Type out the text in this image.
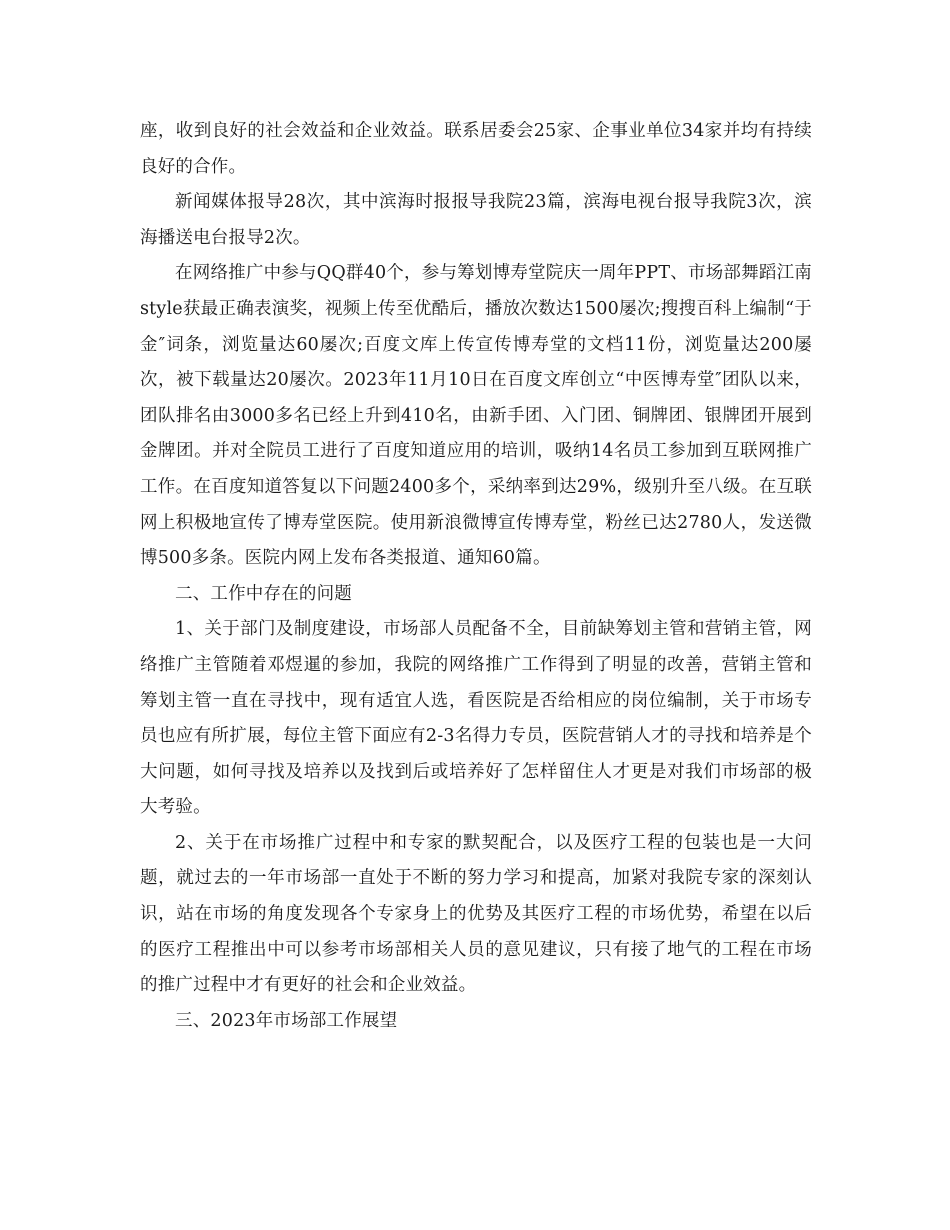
座，收到良好的社会效益和企业效益。联系居委会25家、企事业单位34家并均有持续良好的合作。

新闻媒体报导28次，其中滨海时报报导我院23篇，滨海电视台报导我院3次，滨海播送电台报导2次。

在网络推广中参与QQ群40个，参与筹划博寿堂院庆一周年PPT、市场部舞蹈江南style获最正确表演奖，视频上传至优酷后，播放次数达1500屡次;搜搜百科上编制“于金″词条，浏览量达60屡次;百度文库上传宣传博寿堂的文档11份，浏览量达200屡次，被下载量达20屡次。2023年11月10日在百度文库创立“中医博寿堂″团队以来，团队排名由3000多名已经上升到410名，由新手团、入门团、铜牌团、银牌团开展到金牌团。并对全院员工进行了百度知道应用的培训，吸纳14名员工参加到互联网推广工作。在百度知道答复以下问题2400多个，采纳率到达29%，级别升至八级。在互联网上积极地宣传了博寿堂医院。使用新浪微博宣传博寿堂，粉丝已达2780人，发送微博500多条。医院内网上发布各类报道、通知60篇。

二、工作中存在的问题

1、关于部门及制度建设，市场部人员配备不全，目前缺筹划主管和营销主管，网络推广主管随着邓煜暹的参加，我院的网络推广工作得到了明显的改善，营销主管和筹划主管一直在寻找中，现有适宜人选，看医院是否给相应的岗位编制，关于市场专员也应有所扩展，每位主管下面应有2-3名得力专员，医院营销人才的寻找和培养是个大问题，如何寻找及培养以及找到后或培养好了怎样留住人才更是对我们市场部的极大考验。

2、关于在市场推广过程中和专家的默契配合，以及医疗工程的包装也是一大问题，就过去的一年市场部一直处于不断的努力学习和提高，加紧对我院专家的深刻认识，站在市场的角度发现各个专家身上的优势及其医疗工程的市场优势，希望在以后的医疗工程推出中可以参考市场部相关人员的意见建议，只有接了地气的工程在市场的推广过程中才有更好的社会和企业效益。

三、2023年市场部工作展望
